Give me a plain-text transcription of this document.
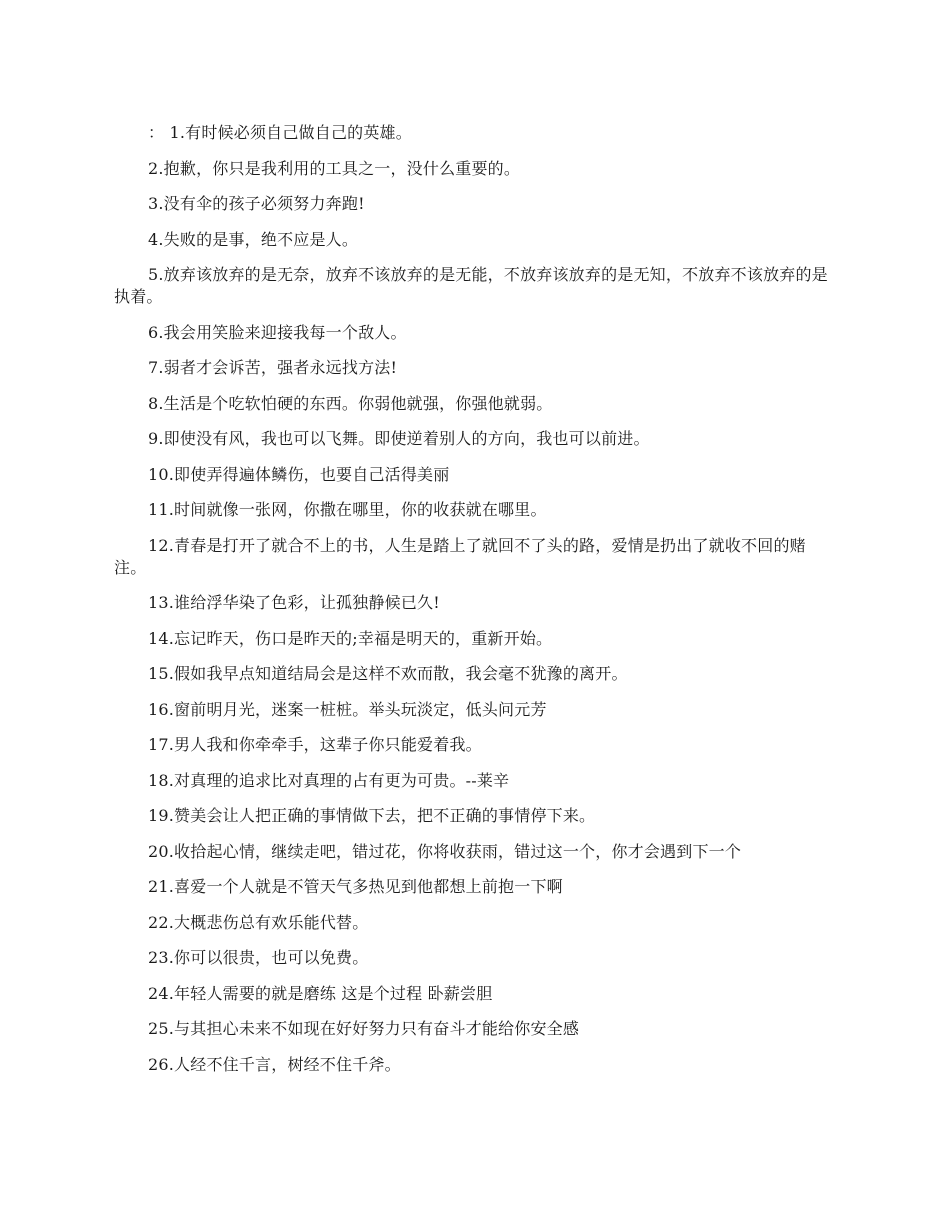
： 1.有时候必须自己做自己的英雄。

2.抱歉，你只是我利用的工具之一，没什么重要的。

3.没有伞的孩子必须努力奔跑!

4.失败的是事，绝不应是人。

5.放弃该放弃的是无奈，放弃不该放弃的是无能，不放弃该放弃的是无知，不放弃不该放弃的是执着。

6.我会用笑脸来迎接我每一个敌人。

7.弱者才会诉苦，强者永远找方法!

8.生活是个吃软怕硬的东西。你弱他就强，你强他就弱。

9.即使没有风，我也可以飞舞。即使逆着别人的方向，我也可以前进。

10.即使弄得遍体鳞伤，也要自己活得美丽

11.时间就像一张网，你撒在哪里，你的收获就在哪里。

12.青春是打开了就合不上的书，人生是踏上了就回不了头的路，爱情是扔出了就收不回的赌注。

13.谁给浮华染了色彩，让孤独静候已久!

14.忘记昨天，伤口是昨天的;幸福是明天的，重新开始。

15.假如我早点知道结局会是这样不欢而散，我会毫不犹豫的离开。

16.窗前明月光，迷案一桩桩。举头玩淡定，低头问元芳

17.男人我和你牵牵手，这辈子你只能爱着我。

18.对真理的追求比对真理的占有更为可贵。--莱辛

19.赞美会让人把正确的事情做下去，把不正确的事情停下来。

20.收拾起心情，继续走吧，错过花，你将收获雨，错过这一个，你才会遇到下一个

21.喜爱一个人就是不管天气多热见到他都想上前抱一下啊

22.大概悲伤总有欢乐能代替。

23.你可以很贵，也可以免费。

24.年轻人需要的就是磨练 这是个过程 卧薪尝胆

25.与其担心未来不如现在好好努力只有奋斗才能给你安全感

26.人经不住千言，树经不住千斧。
